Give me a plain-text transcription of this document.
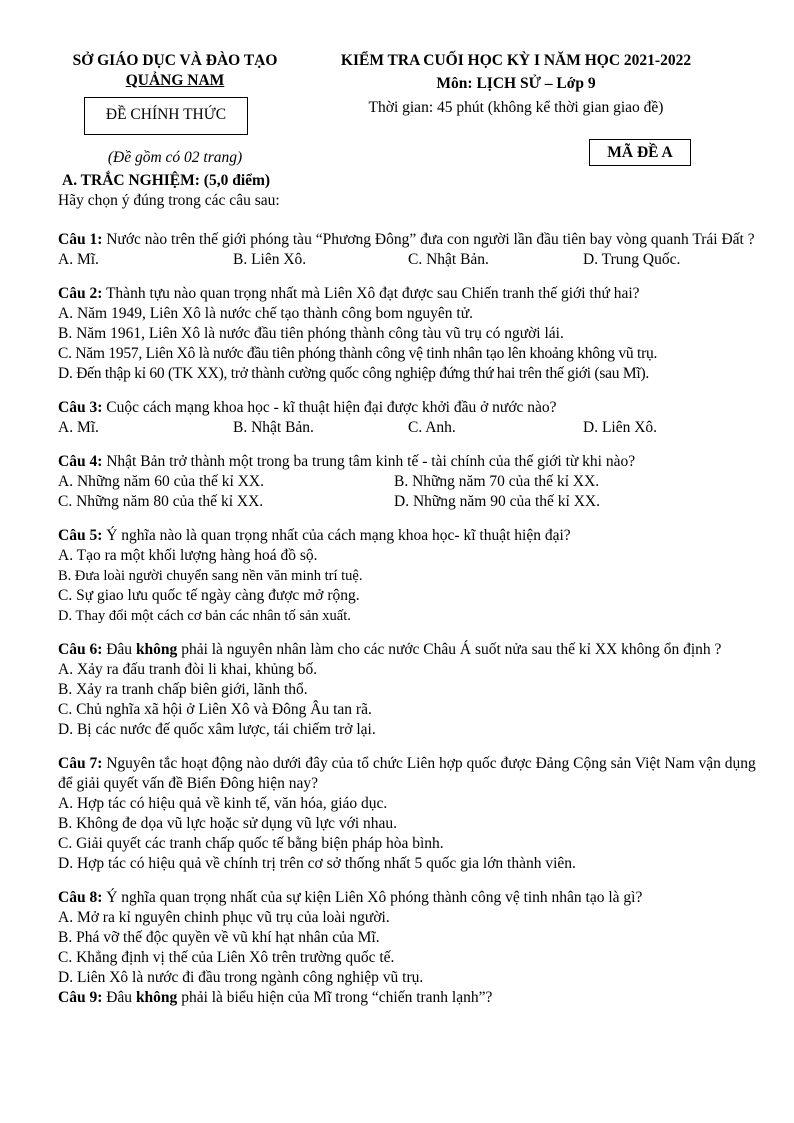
SỞ GIÁO DỤC VÀ ĐÀO TẠO
QUẢNG NAM
ĐỀ CHÍNH THỨC
(Đề gồm có 02 trang)
KIỂM TRA CUỐI HỌC KỲ I NĂM HỌC 2021-2022
Môn: LỊCH SỬ – Lớp 9
Thời gian: 45 phút (không kể thời gian giao đề)
MÃ ĐỀ A
A. TRẮC NGHIỆM: (5,0 điểm)
Hãy chọn ý đúng trong các câu sau:
Câu 1: Nước nào trên thế giới phóng tàu “Phương Đông” đưa con người lần đầu tiên bay vòng quanh Trái Đất ?
A. Mĩ.	B. Liên Xô.	C. Nhật Bản.	D. Trung Quốc.
Câu 2: Thành tựu nào quan trọng nhất mà Liên Xô đạt được sau Chiến tranh thế giới thứ hai?
A. Năm 1949, Liên Xô là nước chế tạo thành công bom nguyên tử.
B. Năm 1961, Liên Xô là nước đầu tiên phóng thành công tàu vũ trụ có người lái.
C. Năm 1957, Liên Xô là nước đầu tiên phóng thành công vệ tinh nhân tạo lên khoảng không vũ trụ.
D. Đến thập kỉ 60 (TK XX), trở thành cường quốc công nghiệp đứng thứ hai trên thế giới (sau Mĩ).
Câu 3: Cuộc cách mạng khoa học - kĩ thuật hiện đại được khởi đầu ở nước nào?
A. Mĩ.	B. Nhật Bản.	C. Anh.	D. Liên Xô.
Câu 4: Nhật Bản trở thành một trong ba trung tâm kinh tế - tài chính của thế giới từ khi nào?
A. Những năm 60 của thế kỉ XX.	B. Những năm 70 của thế kỉ XX.
C. Những năm 80 của thế kỉ XX.	D. Những năm 90 của thế kỉ XX.
Câu 5: Ý nghĩa nào là quan trọng nhất của cách mạng khoa học- kĩ thuật hiện đại?
A. Tạo ra một khối lượng hàng hoá đồ sộ.
B. Đưa loài người chuyển sang nền văn minh trí tuệ.
C. Sự giao lưu quốc tế ngày càng được mở rộng.
D. Thay đổi một cách cơ bản các nhân tố sản xuất.
Câu 6: Đâu không phải là nguyên nhân làm cho các nước Châu Á suốt nửa sau thế kỉ XX không ổn định ?
A. Xảy ra đấu tranh đòi li khai, khủng bố.
B. Xảy ra tranh chấp biên giới, lãnh thổ.
C. Chủ nghĩa xã hội ở Liên Xô và Đông Âu tan rã.
D. Bị các nước đế quốc xâm lược, tái chiếm trở lại.
Câu 7: Nguyên tắc hoạt động nào dưới đây của tổ chức Liên hợp quốc được Đảng Cộng sản Việt Nam vận dụng để giải quyết vấn đề Biển Đông hiện nay?
A. Hợp tác có hiệu quả về kinh tế, văn hóa, giáo dục.
B. Không đe dọa vũ lực hoặc sử dụng vũ lực với nhau.
C. Giải quyết các tranh chấp quốc tế bằng biện pháp hòa bình.
D. Hợp tác có hiệu quả về chính trị trên cơ sở thống nhất 5 quốc gia lớn thành viên.
Câu 8: Ý nghĩa quan trọng nhất của sự kiện Liên Xô phóng thành công vệ tinh nhân tạo là gì?
A. Mở ra kỉ nguyên chinh phục vũ trụ của loài người.
B. Phá vỡ thế độc quyền về vũ khí hạt nhân của Mĩ.
C. Khẳng định vị thế của Liên Xô trên trường quốc tế.
D. Liên Xô là nước đi đầu trong ngành công nghiệp vũ trụ.
Câu 9: Đâu không phải là biểu hiện của Mĩ trong “chiến tranh lạnh”?
